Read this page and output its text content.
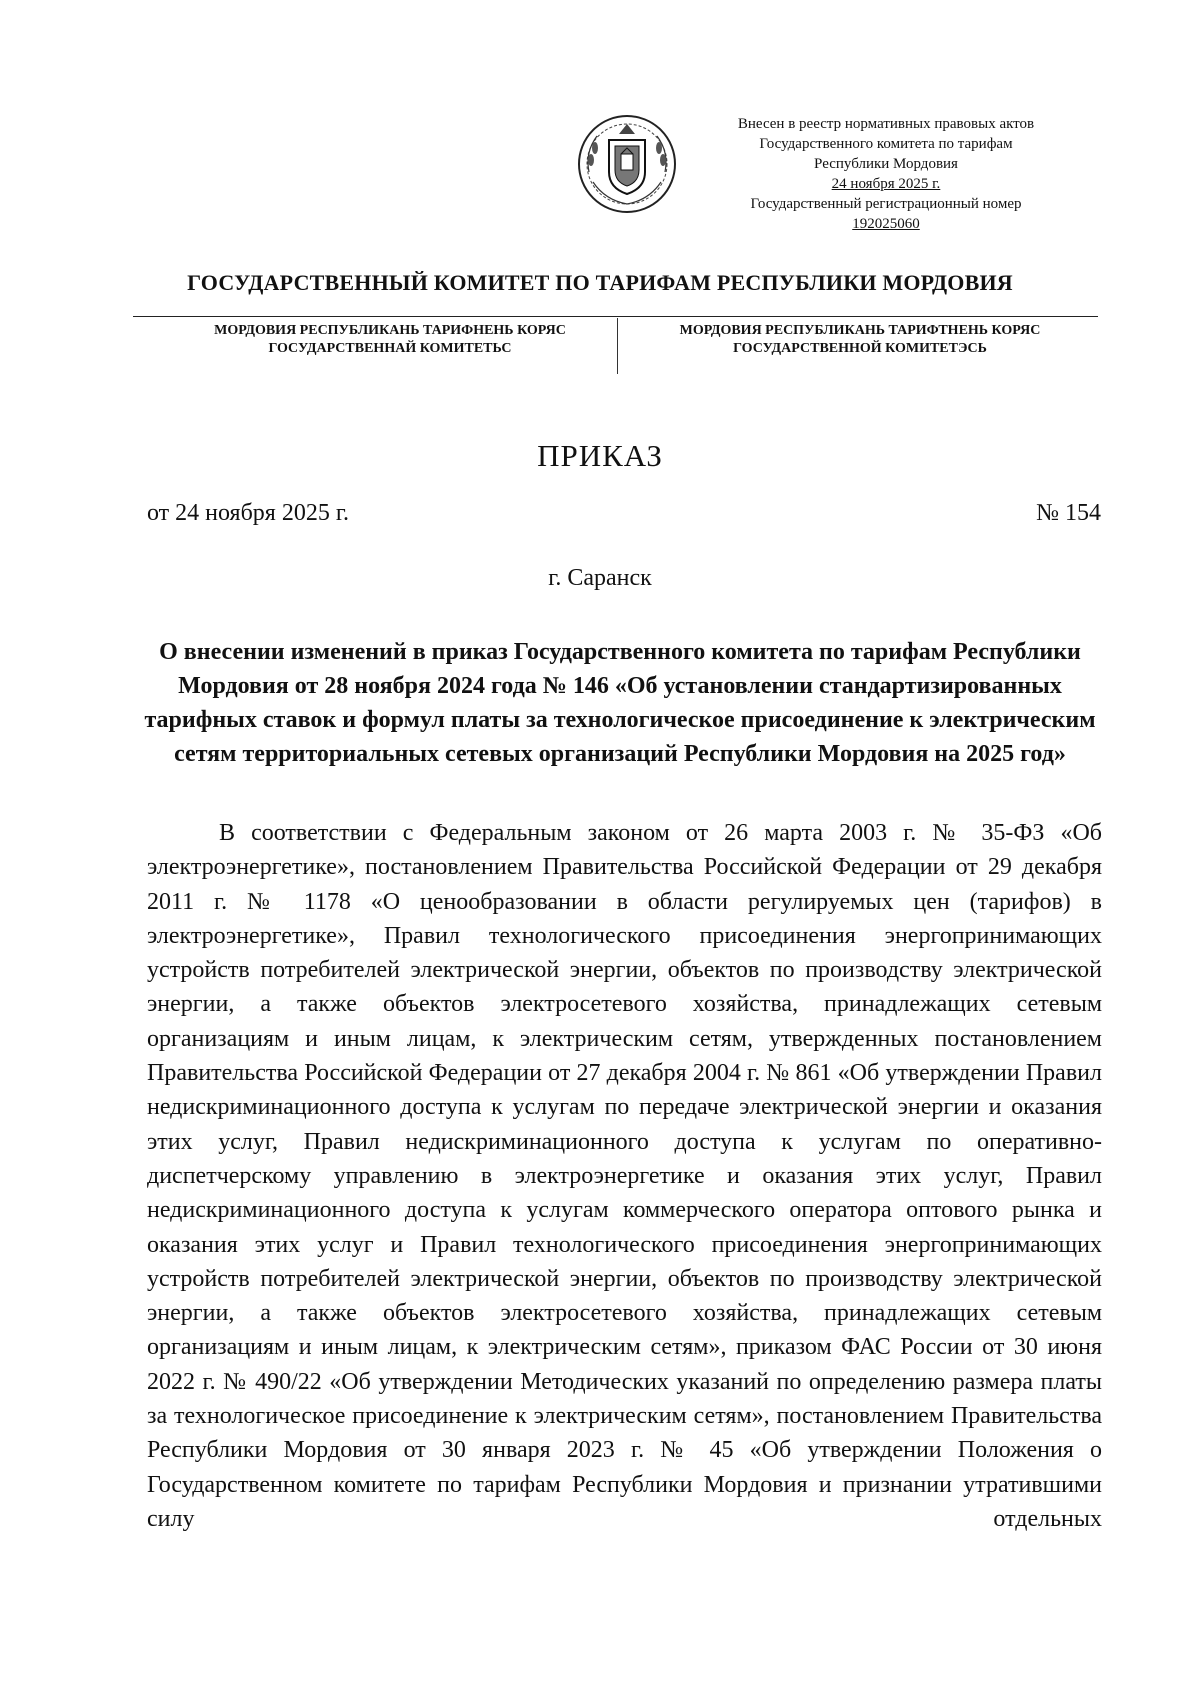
Внесен в реестр нормативных правовых актов
Государственного комитета по тарифам
Республики Мордовия
24 ноября 2025 г.
Государственный регистрационный номер
192025060
ГОСУДАРСТВЕННЫЙ КОМИТЕТ ПО ТАРИФАМ РЕСПУБЛИКИ МОРДОВИЯ
МОРДОВИЯ РЕСПУБЛИКАНЬ ТАРИФНЕНЬ КОРЯС
ГОСУДАРСТВЕННАЙ КОМИТЕТЬС
МОРДОВИЯ РЕСПУБЛИКАНЬ ТАРИФТНЕНЬ КОРЯС
ГОСУДАРСТВЕННОЙ КОМИТЕТЭСЬ
ПРИКАЗ
от 24 ноября 2025 г.	№ 154
г. Саранск
О внесении изменений в приказ Государственного комитета по тарифам Республики Мордовия от 28 ноября 2024 года № 146 «Об установлении стандартизированных тарифных ставок и формул платы за технологическое присоединение к электрическим сетям территориальных сетевых организаций Республики Мордовия на 2025 год»
В соответствии с Федеральным законом от 26 марта 2003 г. № 35-ФЗ «Об электроэнергетике», постановлением Правительства Российской Федерации от 29 декабря 2011 г. № 1178 «О ценообразовании в области регулируемых цен (тарифов) в электроэнергетике», Правил технологического присоединения энергопринимающих устройств потребителей электрической энергии, объектов по производству электрической энергии, а также объектов электросетевого хозяйства, принадлежащих сетевым организациям и иным лицам, к электрическим сетям, утвержденных постановлением Правительства Российской Федерации от 27 декабря 2004 г. № 861 «Об утверждении Правил недискриминационного доступа к услугам по передаче электрической энергии и оказания этих услуг, Правил недискриминационного доступа к услугам по оперативно-диспетчерскому управлению в электроэнергетике и оказания этих услуг, Правил недискриминационного доступа к услугам коммерческого оператора оптового рынка и оказания этих услуг и Правил технологического присоединения энергопринимающих устройств потребителей электрической энергии, объектов по производству электрической энергии, а также объектов электросетевого хозяйства, принадлежащих сетевым организациям и иным лицам, к электрическим сетям», приказом ФАС России от 30 июня 2022 г. № 490/22 «Об утверждении Методических указаний по определению размера платы за технологическое присоединение к электрическим сетям», постановлением Правительства Республики Мордовия от 30 января 2023 г. № 45 «Об утверждении Положения о Государственном комитете по тарифам Республики Мордовия и признании утратившими силу отдельных
